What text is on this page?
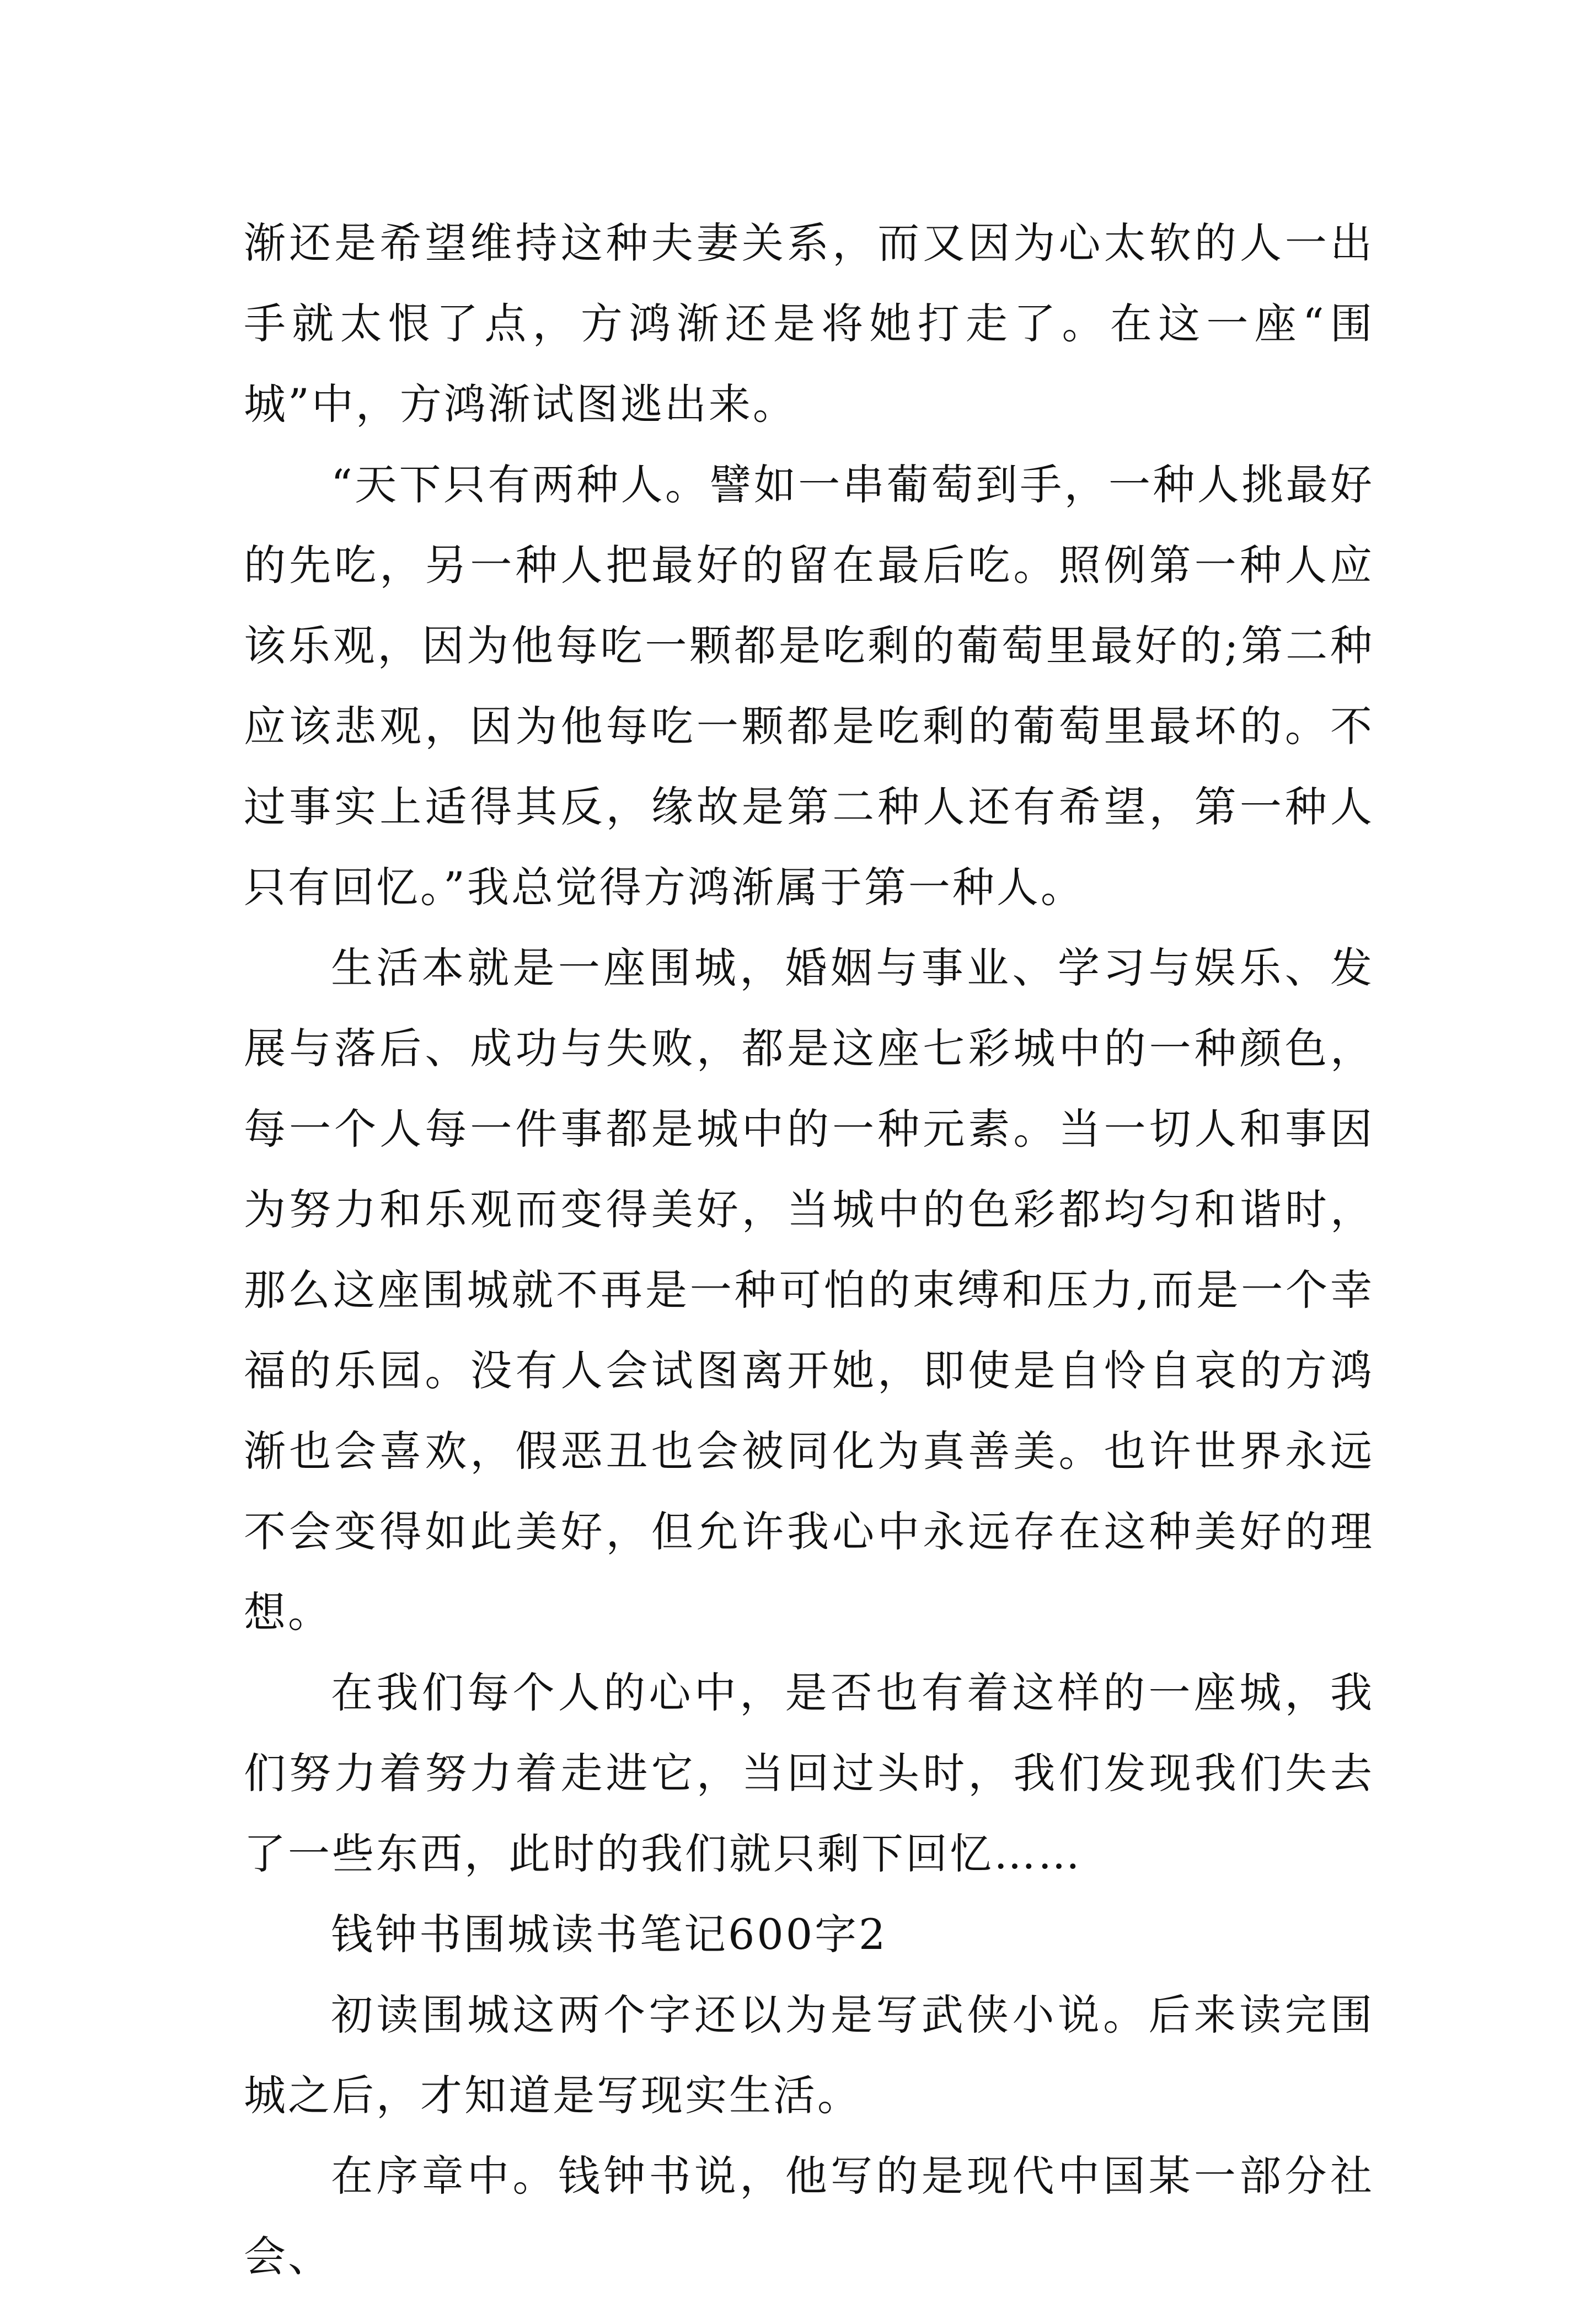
渐还是希望维持这种夫妻关系，而又因为心太软的人一出手就太恨了点，方鸿渐还是将她打走了。在这一座“围城”中，方鸿渐试图逃出来。

“天下只有两种人。譬如一串葡萄到手，一种人挑最好的先吃，另一种人把最好的留在最后吃。照例第一种人应该乐观，因为他每吃一颗都是吃剩的葡萄里最好的;第二种应该悲观，因为他每吃一颗都是吃剩的葡萄里最坏的。不过事实上适得其反，缘故是第二种人还有希望，第一种人只有回忆。”我总觉得方鸿渐属于第一种人。

生活本就是一座围城，婚姻与事业、学习与娱乐、发展与落后、成功与失败，都是这座七彩城中的一种颜色，每一个人每一件事都是城中的一种元素。当一切人和事因为努力和乐观而变得美好，当城中的色彩都均匀和谐时，那么这座围城就不再是一种可怕的束缚和压力,而是一个幸福的乐园。没有人会试图离开她，即使是自怜自哀的方鸿渐也会喜欢，假恶丑也会被同化为真善美。也许世界永远不会变得如此美好，但允许我心中永远存在这种美好的理想。

在我们每个人的心中，是否也有着这样的一座城，我们努力着努力着走进它，当回过头时，我们发现我们失去了一些东西，此时的我们就只剩下回忆……

钱钟书围城读书笔记600字2

初读围城这两个字还以为是写武侠小说。后来读完围城之后，才知道是写现实生活。

在序章中。钱钟书说，他写的是现代中国某一部分社会、
